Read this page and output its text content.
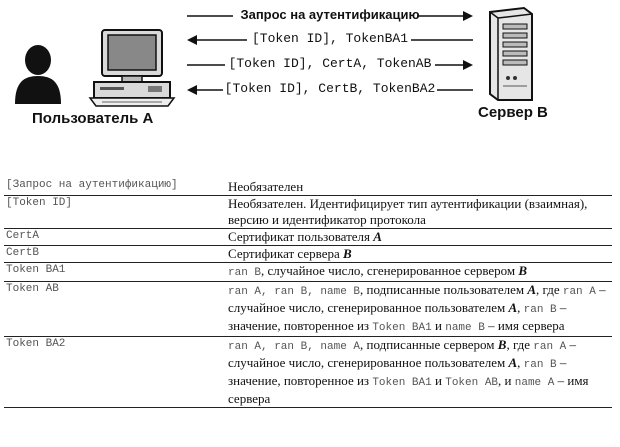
Пользователь A	Сервер B
Запрос на аутентификацию
[Token ID], TokenBA1
[Token ID], CertA, TokenAB
[Token ID], CertB, TokenBA2
[Запрос на аутентификацию]	Необязателен
[Token ID]	Необязателен. Идентифицирует тип аутентификации (взаимная), версию и идентификатор протокола
CertA	Сертификат пользователя A
CertB	Сертификат сервера B
Token BA1	ran B, случайное число, сгенерированное сервером B
Token AB	ran A, ran B, name B, подписанные пользователем A, где ran A – случайное число, сгенерированное пользователем A, ran B – значение, повторенное из Token BA1 и name B – имя сервера
Token BA2	ran A, ran B, name A, подписанные сервером B, где ran A – случайное число, сгенерированное пользователем A, ran B – значение, повторенное из Token BA1 и Token AB, и name A – имя сервера
